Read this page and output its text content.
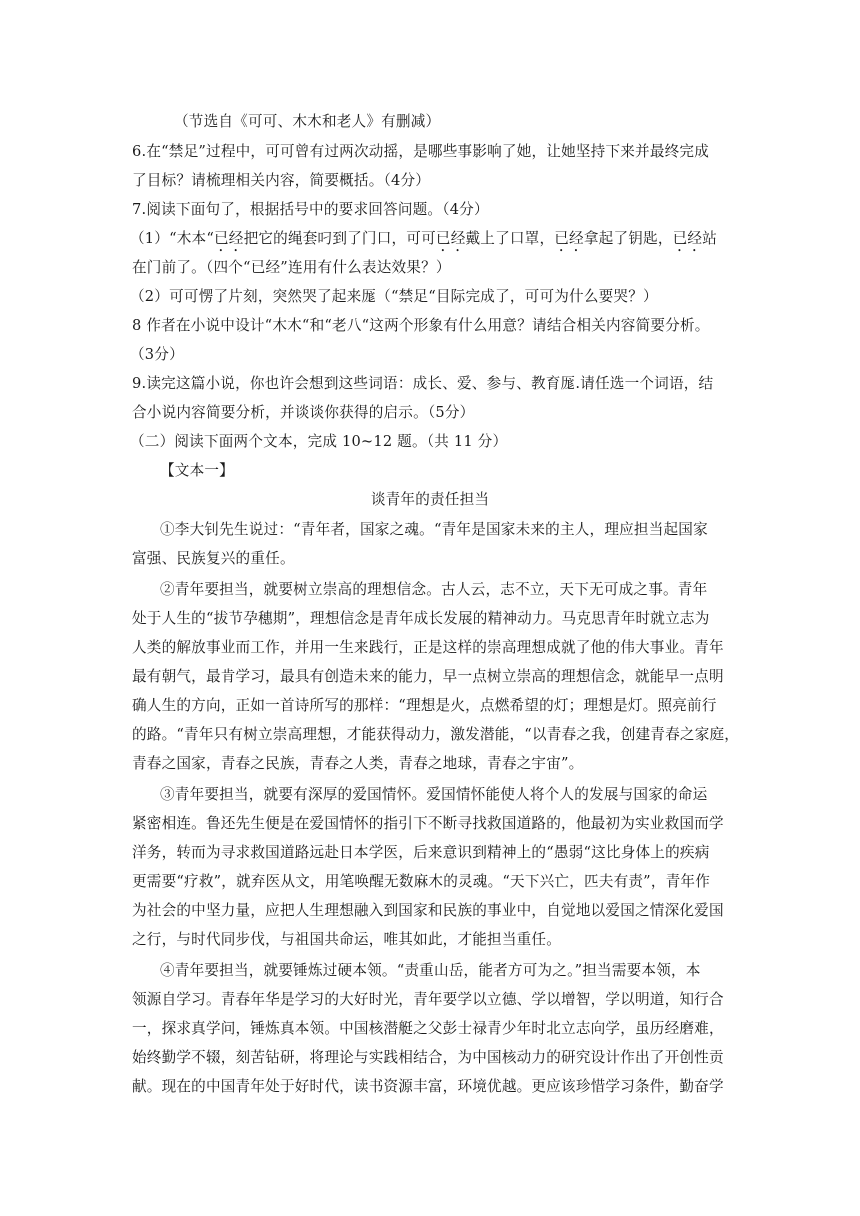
（节选自《可可、木木和老人》有删减）
6.在“禁足”过程中，可可曾有过两次动摇，是哪些事影响了她，让她坚持下来并最终完成
了目标？请梳理相关内容，简要概括。（4分）
7.阅读下面句了，根据括号中的要求回答问题。（4分）
（1）“木本“已经把它的绳套叼到了门口，可可已经戴上了口罩，已经拿起了钥匙，已经站
在门前了。（四个“已经”连用有什么表达效果？）
（2）可可愣了片刻，突然哭了起来厖（“禁足“目际完成了，可可为什么要哭？）
8 作者在小说中设计“木木“和“老八“这两个形象有什么用意？请结合相关内容简要分析。
（3分）
9.读完这篇小说，你也许会想到这些词语：成长、爱、参与、教育厖.请任选一个词语，结
合小说内容简要分析，并谈谈你获得的启示。（5分）
（二）阅读下面两个文本，完成 10~12 题。（共 11 分）
【文本一】
谈青年的责任担当
①李大钊先生说过：“青年者，国家之魂。“青年是国家未来的主人，理应担当起国家
富强、民族复兴的重任。
②青年要担当，就要树立崇高的理想信念。古人云，志不立，天下无可成之事。青年
处于人生的“拔节孕穗期”，理想信念是青年成长发展的精神动力。马克思青年时就立志为
人类的解放事业而工作，并用一生来践行，正是这样的崇高理想成就了他的伟大事业。青年
最有朝气，最肯学习，最具有创造未来的能力，早一点树立崇高的理想信念，就能早一点明
确人生的方向，正如一首诗所写的那样：“理想是火，点燃希望的灯；理想是灯。照亮前行
的路。“青年只有树立崇高理想，才能获得动力，激发潜能，“以青春之我，创建青春之家庭，
青春之国家，青春之民族，青春之人类，青春之地球，青春之宇宙”。
③青年要担当，就要有深厚的爱国情怀。爱国情怀能使人将个人的发展与国家的命运
紧密相连。鲁还先生便是在爱国情怀的指引下不断寻找救国道路的，他最初为实业救国而学
洋务，转而为寻求救国道路远赴日本学医，后来意识到精神上的“愚弱“这比身体上的疾病
更需要“疗救”，就弃医从文，用笔唤醒无数麻木的灵魂。“天下兴亡，匹夫有责”，青年作
为社会的中坚力量，应把人生理想融入到国家和民族的事业中，自觉地以爱国之情深化爱国
之行，与时代同步伐，与祖国共命运，唯其如此，才能担当重任。
④青年要担当，就要锤炼过硬本领。“责重山岳，能者方可为之。”担当需要本领，本
领源自学习。青春年华是学习的大好时光，青年要学以立德、学以增智，学以明道，知行合
一，探求真学问，锤炼真本领。中国核潜艇之父彭士禄青少年时北立志向学，虽历经磨难，
始终勤学不辍，刻苦钻研，将理论与实践相结合，为中国核动力的研究设计作出了开创性贡
献。现在的中国青年处于好时代，读书资源丰富，环境优越。更应该珍惜学习条件，勤奋学
